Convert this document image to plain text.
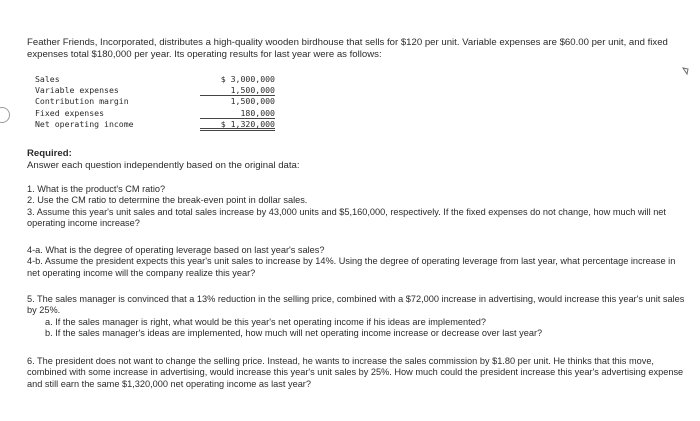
Feather Friends, Incorporated, distributes a high-quality wooden birdhouse that sells for $120 per unit. Variable expenses are $60.00 per unit, and fixed expenses total $180,000 per year. Its operating results for last year were as follows:

Sales	$ 3,000,000
Variable expenses	1,500,000
Contribution margin	1,500,000
Fixed expenses	180,000
Net operating income	$ 1,320,000

Required:

Answer each question independently based on the original data:

1. What is the product's CM ratio?

2. Use the CM ratio to determine the break-even point in dollar sales.

3. Assume this year's unit sales and total sales increase by 43,000 units and $5,160,000, respectively. If the fixed expenses do not change, how much will net operating income increase?

4-a. What is the degree of operating leverage based on last year's sales?

4-b. Assume the president expects this year's unit sales to increase by 14%. Using the degree of operating leverage from last year, what percentage increase in net operating income will the company realize this year?

5. The sales manager is convinced that a 13% reduction in the selling price, combined with a $72,000 increase in advertising, would increase this year's unit sales by 25%.

a. If the sales manager is right, what would be this year's net operating income if his ideas are implemented?

b. If the sales manager's ideas are implemented, how much will net operating income increase or decrease over last year?

6. The president does not want to change the selling price. Instead, he wants to increase the sales commission by $1.80 per unit. He thinks that this move, combined with some increase in advertising, would increase this year's unit sales by 25%. How much could the president increase this year's advertising expense and still earn the same $1,320,000 net operating income as last year?
